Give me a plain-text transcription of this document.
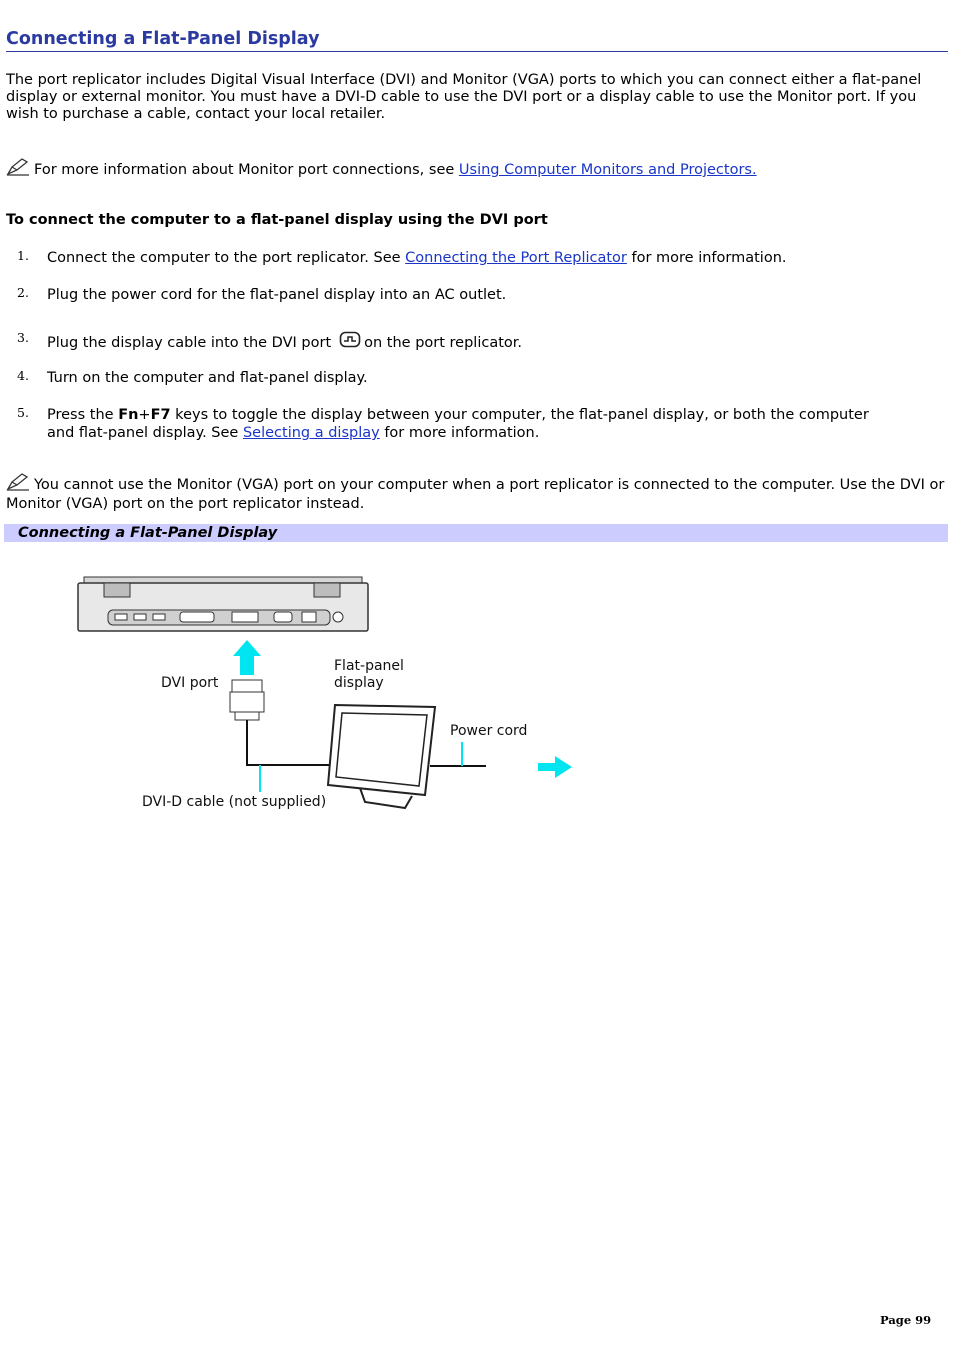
Connecting a Flat-Panel Display

The port replicator includes Digital Visual Interface (DVI) and Monitor (VGA) ports to which you can connect either a flat-panel display or external monitor. You must have a DVI-D cable to use the DVI port or a display cable to use the Monitor port. If you wish to purchase a cable, contact your local retailer.

For more information about Monitor port connections, see Using Computer Monitors and Projectors.

To connect the computer to a flat-panel display using the DVI port

1. Connect the computer to the port replicator. See Connecting the Port Replicator for more information.
2. Plug the power cord for the flat-panel display into an AC outlet.
3. Plug the display cable into the DVI port on the port replicator.
4. Turn on the computer and flat-panel display.
5. Press the Fn+F7 keys to toggle the display between your computer, the flat-panel display, or both the computer
and flat-panel display. See Selecting a display for more information.

You cannot use the Monitor (VGA) port on your computer when a port replicator is connected to the computer. Use the DVI or Monitor (VGA) port on the port replicator instead.

Connecting a Flat-Panel Display
DVI port
Flat-panel
display
Power cord
DVI-D cable (not supplied)
Page 99
